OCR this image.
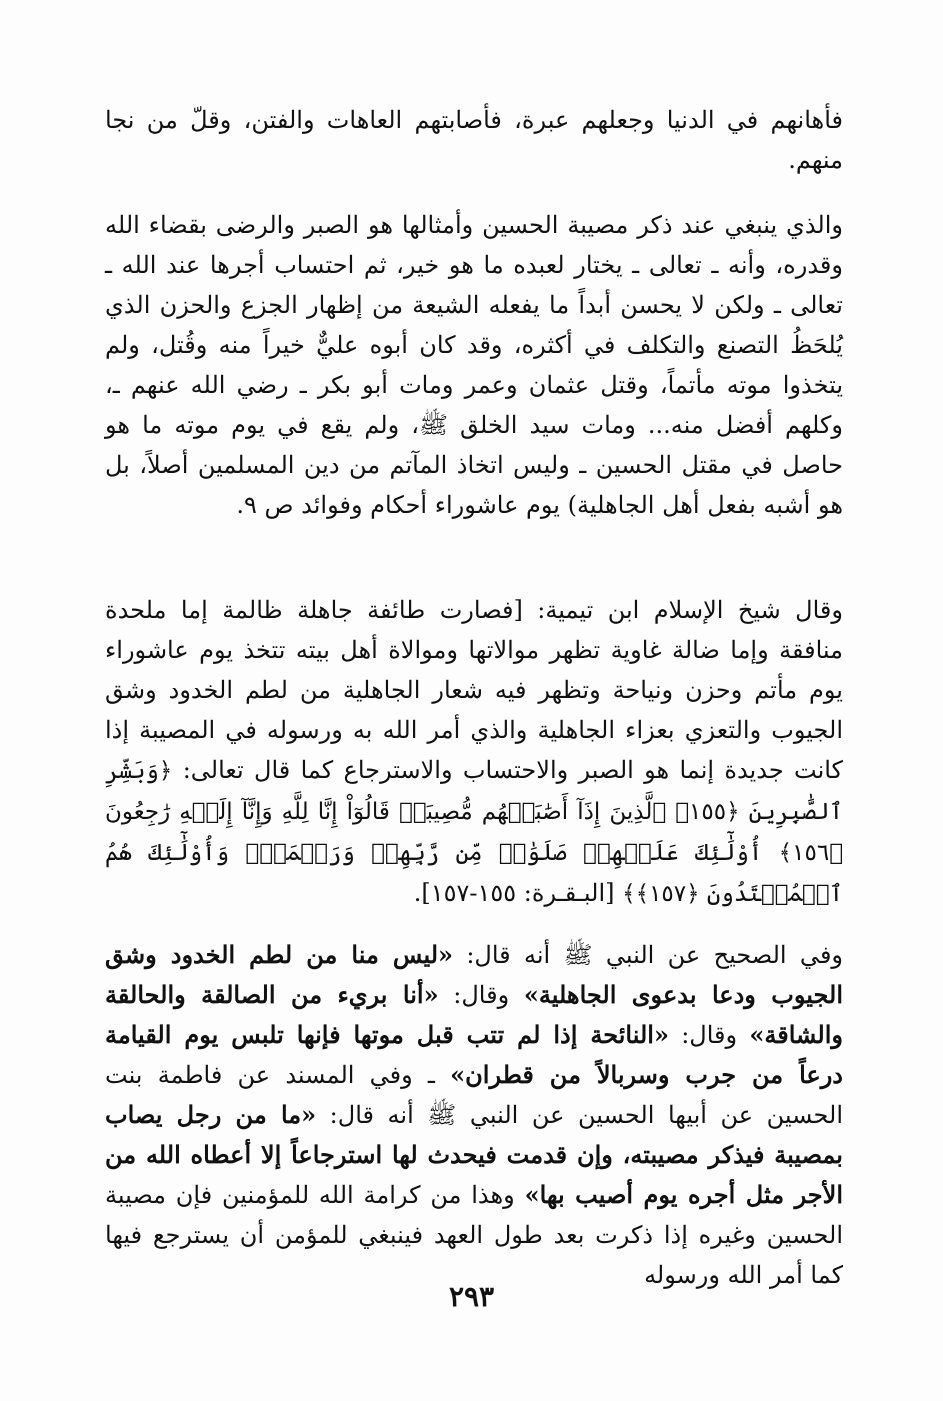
فأهانهم في الدنيا وجعلهم عبرة، فأصابتهم العاهات والفتن، وقلّ من نجا منهم.

والذي ينبغي عند ذكر مصيبة الحسين وأمثالها هو الصبر والرضى بقضاء الله وقدره، وأنه ـ تعالى ـ يختار لعبده ما هو خير، ثم احتساب أجرها عند الله ـ تعالى ـ ولكن لا يحسن أبداً ما يفعله الشيعة من إظهار الجزع والحزن الذي يُلحَظُ التصنع والتكلف في أكثره، وقد كان أبوه عليٌّ خيراً منه وقُتل، ولم يتخذوا موته مأتماً، وقتل عثمان وعمر ومات أبو بكر ـ رضي الله عنهم ـ، وكلهم أفضل منه... ومات سيد الخلق ﷺ، ولم يقع في يوم موته ما هو حاصل في مقتل الحسين ـ وليس اتخاذ المآتم من دين المسلمين أصلاً، بل هو أشبه بفعل أهل الجاهلية) يوم عاشوراء أحكام وفوائد ص ٩.

وقال شيخ الإسلام ابن تيمية: [فصارت طائفة جاهلة ظالمة إما ملحدة منافقة وإما ضالة غاوية تظهر موالاتها وموالاة أهل بيته تتخذ يوم عاشوراء يوم مأتم وحزن ونياحة وتظهر فيه شعار الجاهلية من لطم الخدود وشق الجيوب والتعزي بعزاء الجاهلية والذي أمر الله به ورسوله في المصيبة إذا كانت جديدة إنما هو الصبر والاحتساب والاسترجاع كما قال تعالى: ﴿وَبَشِّرِ ٱلصَّٰبِرِينَ ﴿١٥٥﴾ ٱلَّذِينَ إِذَآ أَصَٰبَتۡهُم مُّصِيبَةٞ قَالُوٓاْ إِنَّا لِلَّهِ وَإِنَّآ إِلَيۡهِ رَٰجِعُونَ ﴿١٥٦﴾ أُوْلَٰٓئِكَ عَلَيۡهِمۡ صَلَوَٰتٞ مِّن رَّبِّهِمۡ وَرَحۡمَةٞۖ وَأُوْلَٰٓئِكَ هُمُ ٱلۡمُهۡتَدُونَ ﴿١٥٧﴾﴾ [البـقـرة: ١٥٥-١٥٧].

وفي الصحيح عن النبي ﷺ أنه قال: «ليس منا من لطم الخدود وشق الجيوب ودعا بدعوى الجاهلية» وقال: «أنا بريء من الصالقة والحالقة والشاقة» وقال: «النائحة إذا لم تتب قبل موتها فإنها تلبس يوم القيامة درعاً من جرب وسربالاً من قطران» ـ وفي المسند عن فاطمة بنت الحسين عن أبيها الحسين عن النبي ﷺ أنه قال: «ما من رجل يصاب بمصيبة فيذكر مصيبته، وإن قدمت فيحدث لها استرجاعاً إلا أعطاه الله من الأجر مثل أجره يوم أصيب بها» وهذا من كرامة الله للمؤمنين فإن مصيبة الحسين وغيره إذا ذكرت بعد طول العهد فينبغي للمؤمن أن يسترجع فيها كما أمر الله ورسوله

٢٩٣
